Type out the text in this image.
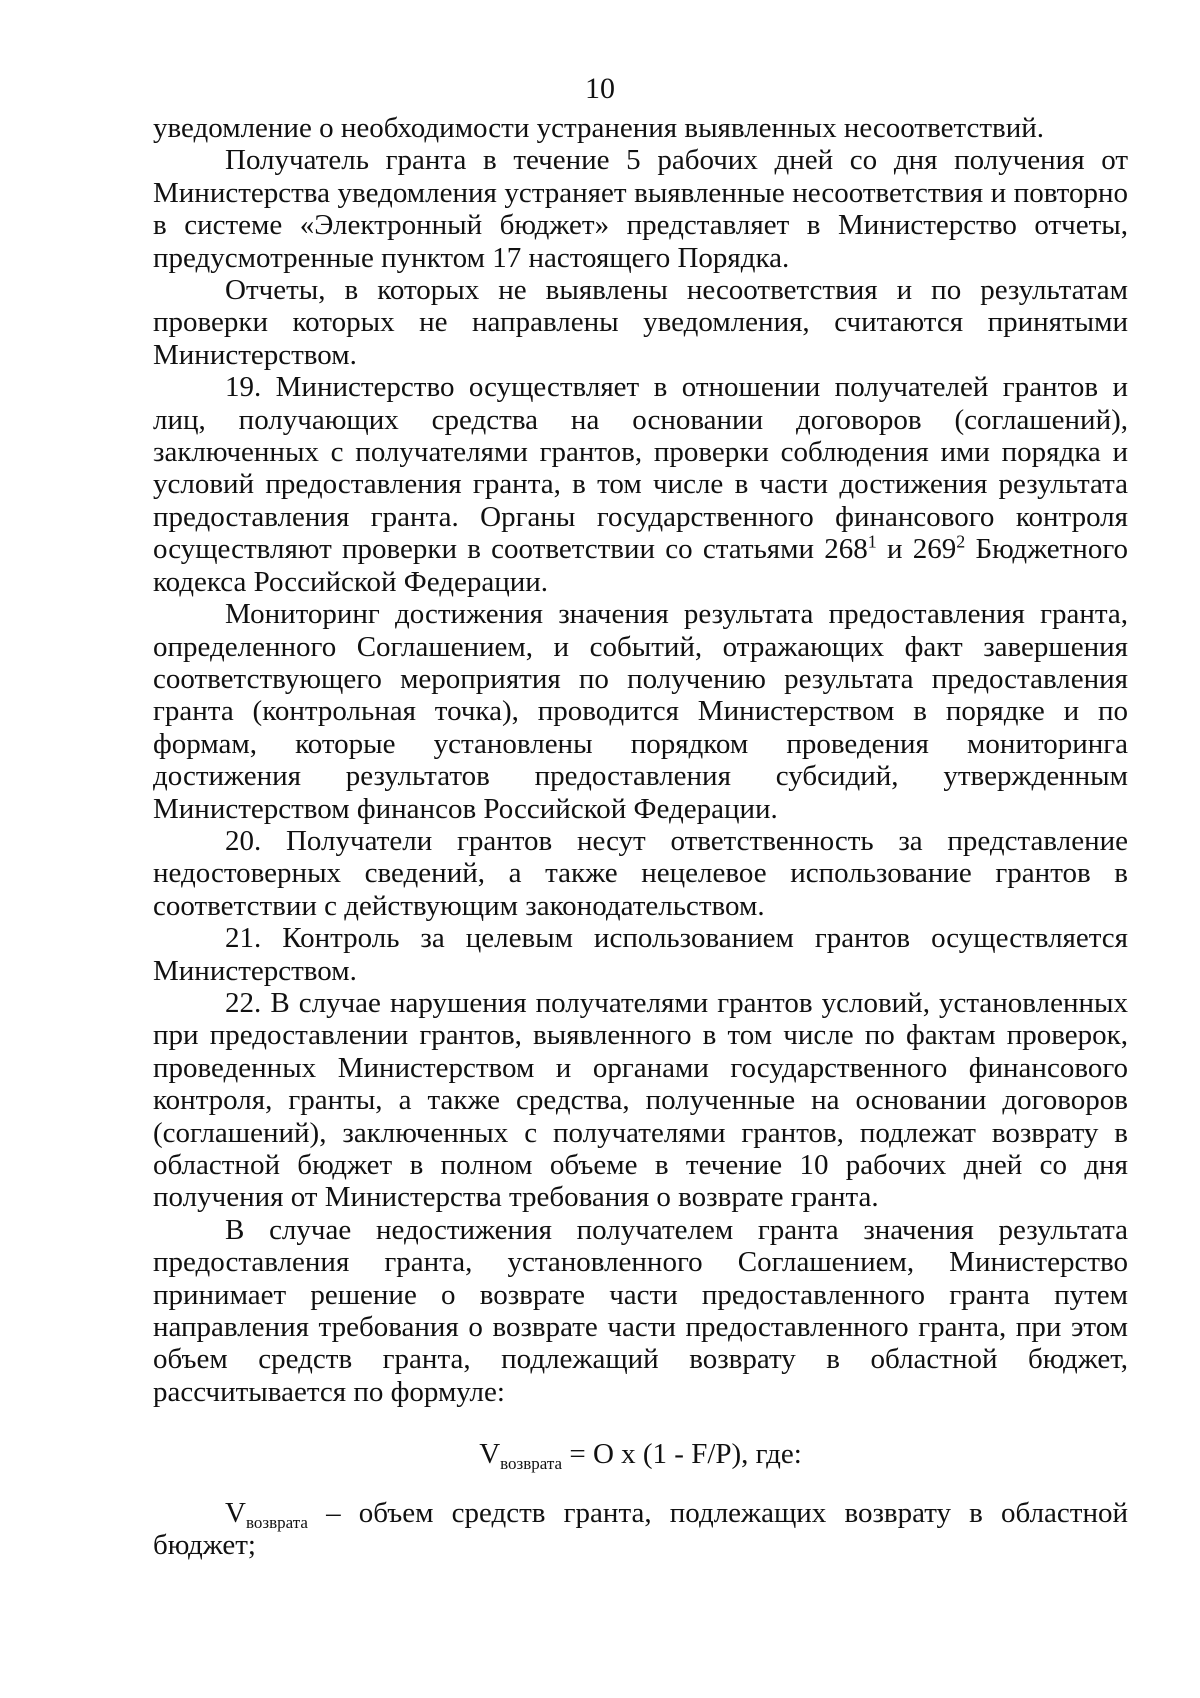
10

уведомление о необходимости устранения выявленных несоответствий.

Получатель гранта в течение 5 рабочих дней со дня получения от Министерства уведомления устраняет выявленные несоответствия и повторно в системе «Электронный бюджет» представляет в Министерство отчеты, предусмотренные пунктом 17 настоящего Порядка.

Отчеты, в которых не выявлены несоответствия и по результатам проверки которых не направлены уведомления, считаются принятыми Министерством.

19. Министерство осуществляет в отношении получателей грантов и лиц, получающих средства на основании договоров (соглашений), заключенных с получателями грантов, проверки соблюдения ими порядка и условий предоставления гранта, в том числе в части достижения результата предоставления гранта. Органы государственного финансового контроля осуществляют проверки в соответствии со статьями $268^1$ и $269^2$ Бюджетного кодекса Российской Федерации.

Мониторинг достижения значения результата предоставления гранта, определенного Соглашением, и событий, отражающих факт завершения соответствующего мероприятия по получению результата предоставления гранта (контрольная точка), проводится Министерством в порядке и по формам, которые установлены порядком проведения мониторинга достижения результатов предоставления субсидий, утвержденным Министерством финансов Российской Федерации.

20. Получатели грантов несут ответственность за представление недостоверных сведений, а также нецелевое использование грантов в соответствии с действующим законодательством.

21. Контроль за целевым использованием грантов осуществляется Министерством.

22. В случае нарушения получателями грантов условий, установленных при предоставлении грантов, выявленного в том числе по фактам проверок, проведенных Министерством и органами государственного финансового контроля, гранты, а также средства, полученные на основании договоров (соглашений), заключенных с получателями грантов, подлежат возврату в областной бюджет в полном объеме в течение 10 рабочих дней со дня получения от Министерства требования о возврате гранта.

В случае недостижения получателем гранта значения результата предоставления гранта, установленного Соглашением, Министерство принимает решение о возврате части предоставленного гранта путем направления требования о возврате части предоставленного гранта, при этом объем средств гранта, подлежащий возврату в областной бюджет, рассчитывается по формуле:

$V_{возврата} = O$ x (1 - F/P), где:

$V_{возврата}$ – объем средств гранта, подлежащих возврату в областной бюджет;
